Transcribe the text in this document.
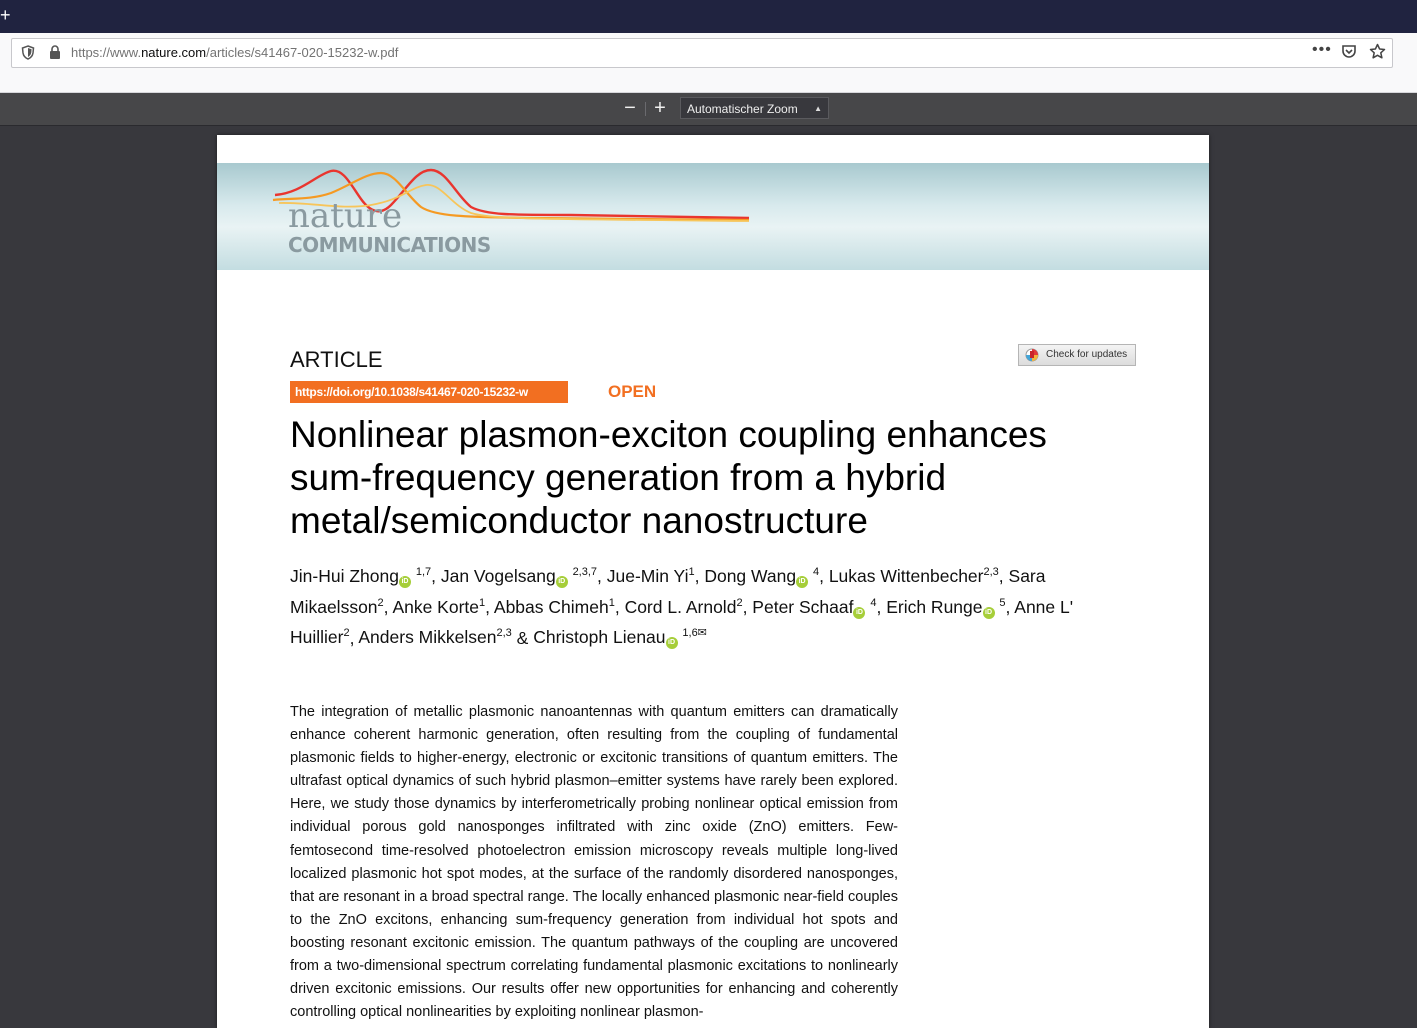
+
https://www.nature.com/articles/s41467-020-15232-w.pdf	•••
− +	Automatischer Zoom ▲

nature
COMMUNICATIONS
ARTICLE	Check for updates
https://doi.org/10.1038/s41467-020-15232-w	OPEN
Nonlinear plasmon-exciton coupling enhances sum-frequency generation from a hybrid metal/semiconductor nanostructure
Jin-Hui Zhong iD $^{1,7}$, Jan Vogelsang iD $^{2,3,7}$, Jue-Min Yi$^1$, Dong Wang iD $^4$, Lukas Wittenbecher$^{2,3}$, Sara Mikaelsson$^2$, Anke Korte$^1$, Abbas Chimeh$^1$, Cord L. Arnold$^2$, Peter Schaaf iD $^4$, Erich Runge iD $^5$, Anne L' Huillier$^2$, Anders Mikkelsen$^{2,3}$ & Christoph Lienau iD $^{1,6✉}$

The integration of metallic plasmonic nanoantennas with quantum emitters can dramatically enhance coherent harmonic generation, often resulting from the coupling of fundamental plasmonic fields to higher-energy, electronic or excitonic transitions of quantum emitters. The ultrafast optical dynamics of such hybrid plasmon–emitter systems have rarely been explored. Here, we study those dynamics by interferometrically probing nonlinear optical emission from individual porous gold nanosponges infiltrated with zinc oxide (ZnO) emitters. Few-femtosecond time-resolved photoelectron emission microscopy reveals multiple long-lived localized plasmonic hot spot modes, at the surface of the randomly disordered nanosponges, that are resonant in a broad spectral range. The locally enhanced plasmonic near-field couples to the ZnO excitons, enhancing sum-frequency generation from individual hot spots and boosting resonant excitonic emission. The quantum pathways of the coupling are uncovered from a two-dimensional spectrum correlating fundamental plasmonic excitations to nonlinearly driven excitonic emissions. Our results offer new opportunities for enhancing and coherently controlling optical nonlinearities by exploiting nonlinear plasmon-
